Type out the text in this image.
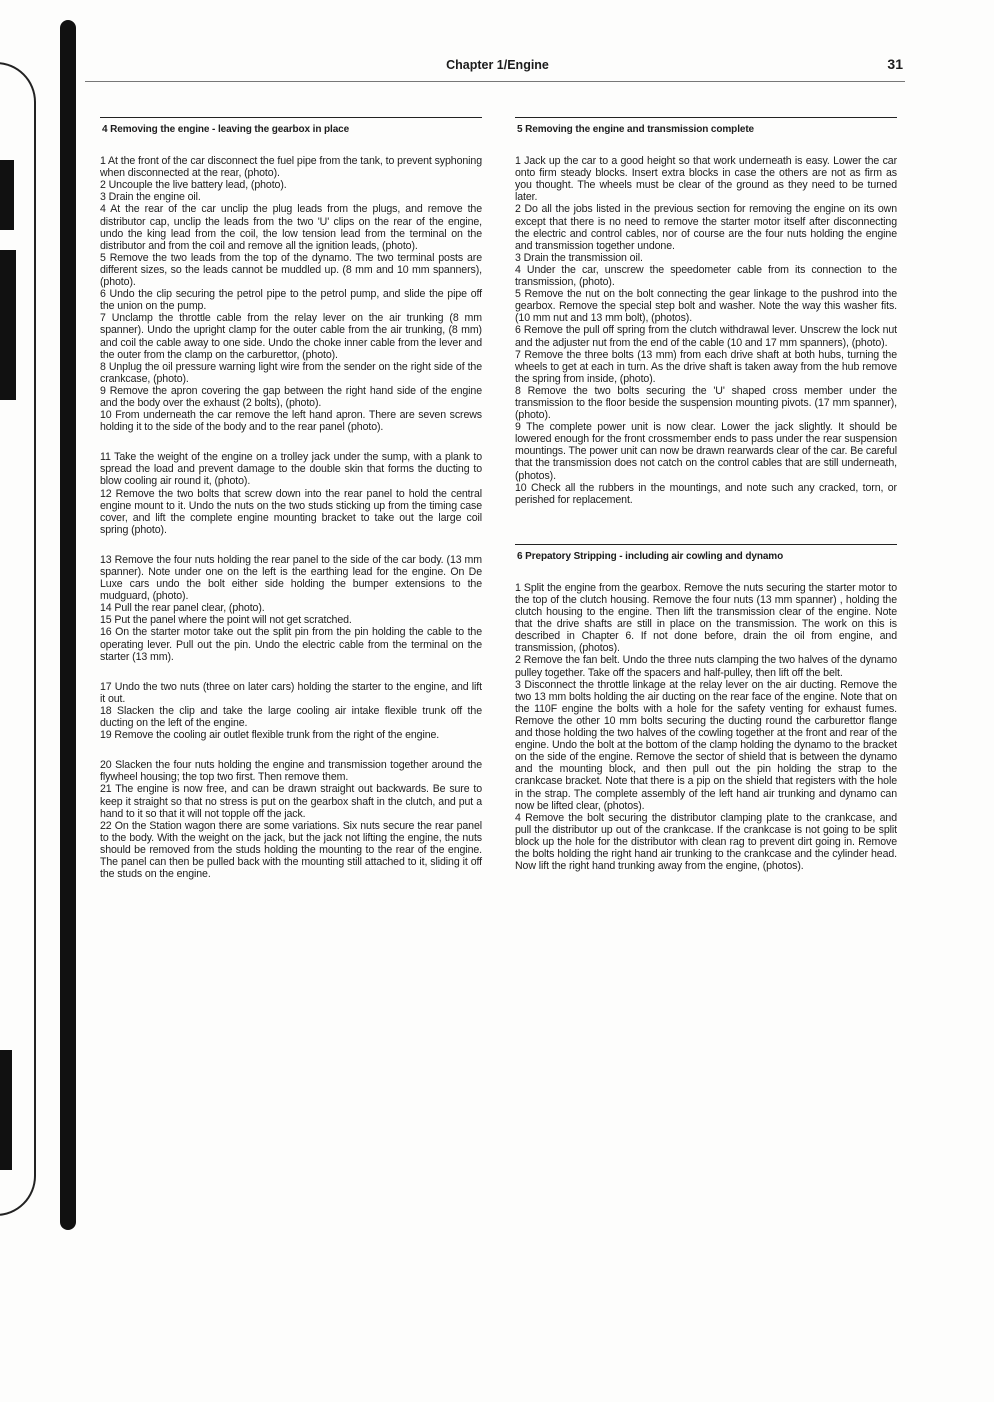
Chapter 1/Engine	31
4 Removing the engine - leaving the gearbox in place

1 At the front of the car disconnect the fuel pipe from the tank, to prevent syphoning when disconnected at the rear, (photo).

2 Uncouple the live battery lead, (photo).

3 Drain the engine oil.

4 At the rear of the car unclip the plug leads from the plugs, and remove the distributor cap, unclip the leads from the two 'U' clips on the rear of the engine, undo the king lead from the coil, the low tension lead from the terminal on the distributor and from the coil and remove all the ignition leads, (photo).

5 Remove the two leads from the top of the dynamo. The two terminal posts are different sizes, so the leads cannot be muddled up. (8 mm and 10 mm spanners), (photo).

6 Undo the clip securing the petrol pipe to the petrol pump, and slide the pipe off the union on the pump.

7 Unclamp the throttle cable from the relay lever on the air trunking (8 mm spanner). Undo the upright clamp for the outer cable from the air trunking, (8 mm) and coil the cable away to one side. Undo the choke inner cable from the lever and the outer from the clamp on the carburettor, (photo).

8 Unplug the oil pressure warning light wire from the sender on the right side of the crankcase, (photo).

9 Remove the apron covering the gap between the right hand side of the engine and the body over the exhaust (2 bolts), (photo).

10 From underneath the car remove the left hand apron. There are seven screws holding it to the side of the body and to the rear panel (photo).

11 Take the weight of the engine on a trolley jack under the sump, with a plank to spread the load and prevent damage to the double skin that forms the ducting to blow cooling air round it, (photo).

12 Remove the two bolts that screw down into the rear panel to hold the central engine mount to it. Undo the nuts on the two studs sticking up from the timing case cover, and lift the complete engine mounting bracket to take out the large coil spring (photo).

13 Remove the four nuts holding the rear panel to the side of the car body. (13 mm spanner). Note under one on the left is the earthing lead for the engine. On De Luxe cars undo the bolt either side holding the bumper extensions to the mudguard, (photo).

14 Pull the rear panel clear, (photo).

15 Put the panel where the point will not get scratched.

16 On the starter motor take out the split pin from the pin holding the cable to the operating lever. Pull out the pin. Undo the electric cable from the terminal on the starter (13 mm).

17 Undo the two nuts (three on later cars) holding the starter to the engine, and lift it out.

18 Slacken the clip and take the large cooling air intake flexible trunk off the ducting on the left of the engine.

19 Remove the cooling air outlet flexible trunk from the right of the engine.

20 Slacken the four nuts holding the engine and transmission together around the flywheel housing; the top two first. Then remove them.

21 The engine is now free, and can be drawn straight out backwards. Be sure to keep it straight so that no stress is put on the gearbox shaft in the clutch, and put a hand to it so that it will not topple off the jack.

22 On the Station wagon there are some variations. Six nuts secure the rear panel to the body. With the weight on the jack, but the jack not lifting the engine, the nuts should be removed from the studs holding the mounting to the rear of the engine. The panel can then be pulled back with the mounting still attached to it, sliding it off the studs on the engine.

5 Removing the engine and transmission complete

1 Jack up the car to a good height so that work underneath is easy. Lower the car onto firm steady blocks. Insert extra blocks in case the others are not as firm as you thought. The wheels must be clear of the ground as they need to be turned later.

2 Do all the jobs listed in the previous section for removing the engine on its own except that there is no need to remove the starter motor itself after disconnecting the electric and control cables, nor of course are the four nuts holding the engine and transmission together undone.

3 Drain the transmission oil.

4 Under the car, unscrew the speedometer cable from its connection to the transmission, (photo).

5 Remove the nut on the bolt connecting the gear linkage to the pushrod into the gearbox. Remove the special step bolt and washer. Note the way this washer fits. (10 mm nut and 13 mm bolt), (photos).

6 Remove the pull off spring from the clutch withdrawal lever. Unscrew the lock nut and the adjuster nut from the end of the cable (10 and 17 mm spanners), (photo).

7 Remove the three bolts (13 mm) from each drive shaft at both hubs, turning the wheels to get at each in turn. As the drive shaft is taken away from the hub remove the spring from inside, (photo).

8 Remove the two bolts securing the 'U' shaped cross member under the transmission to the floor beside the suspension mounting pivots. (17 mm spanner), (photo).

9 The complete power unit is now clear. Lower the jack slightly. It should be lowered enough for the front crossmember ends to pass under the rear suspension mountings. The power unit can now be drawn rearwards clear of the car. Be careful that the transmission does not catch on the control cables that are still underneath, (photos).

10 Check all the rubbers in the mountings, and note such any cracked, torn, or perished for replacement.

6 Prepatory Stripping - including air cowling and dynamo

1 Split the engine from the gearbox. Remove the nuts securing the starter motor to the top of the clutch housing. Remove the four nuts (13 mm spanner) , holding the clutch housing to the engine. Then lift the transmission clear of the engine. Note that the drive shafts are still in place on the transmission. The work on this is described in Chapter 6. If not done before, drain the oil from engine, and transmission, (photos).

2 Remove the fan belt. Undo the three nuts clamping the two halves of the dynamo pulley together. Take off the spacers and half-pulley, then lift off the belt.

3 Disconnect the throttle linkage at the relay lever on the air ducting. Remove the two 13 mm bolts holding the air ducting on the rear face of the engine. Note that on the 110F engine the bolts with a hole for the safety venting for exhaust fumes. Remove the other 10 mm bolts securing the ducting round the carburettor flange and those holding the two halves of the cowling together at the front and rear of the engine. Undo the bolt at the bottom of the clamp holding the dynamo to the bracket on the side of the engine. Remove the sector of shield that is between the dynamo and the mounting block, and then pull out the pin holding the strap to the crankcase bracket. Note that there is a pip on the shield that registers with the hole in the strap. The complete assembly of the left hand air trunking and dynamo can now be lifted clear, (photos).

4 Remove the bolt securing the distributor clamping plate to the crankcase, and pull the distributor up out of the crankcase. If the crankcase is not going to be split block up the hole for the distributor with clean rag to prevent dirt going in. Remove the bolts holding the right hand air trunking to the crankcase and the cylinder head. Now lift the right hand trunking away from the engine, (photos).
